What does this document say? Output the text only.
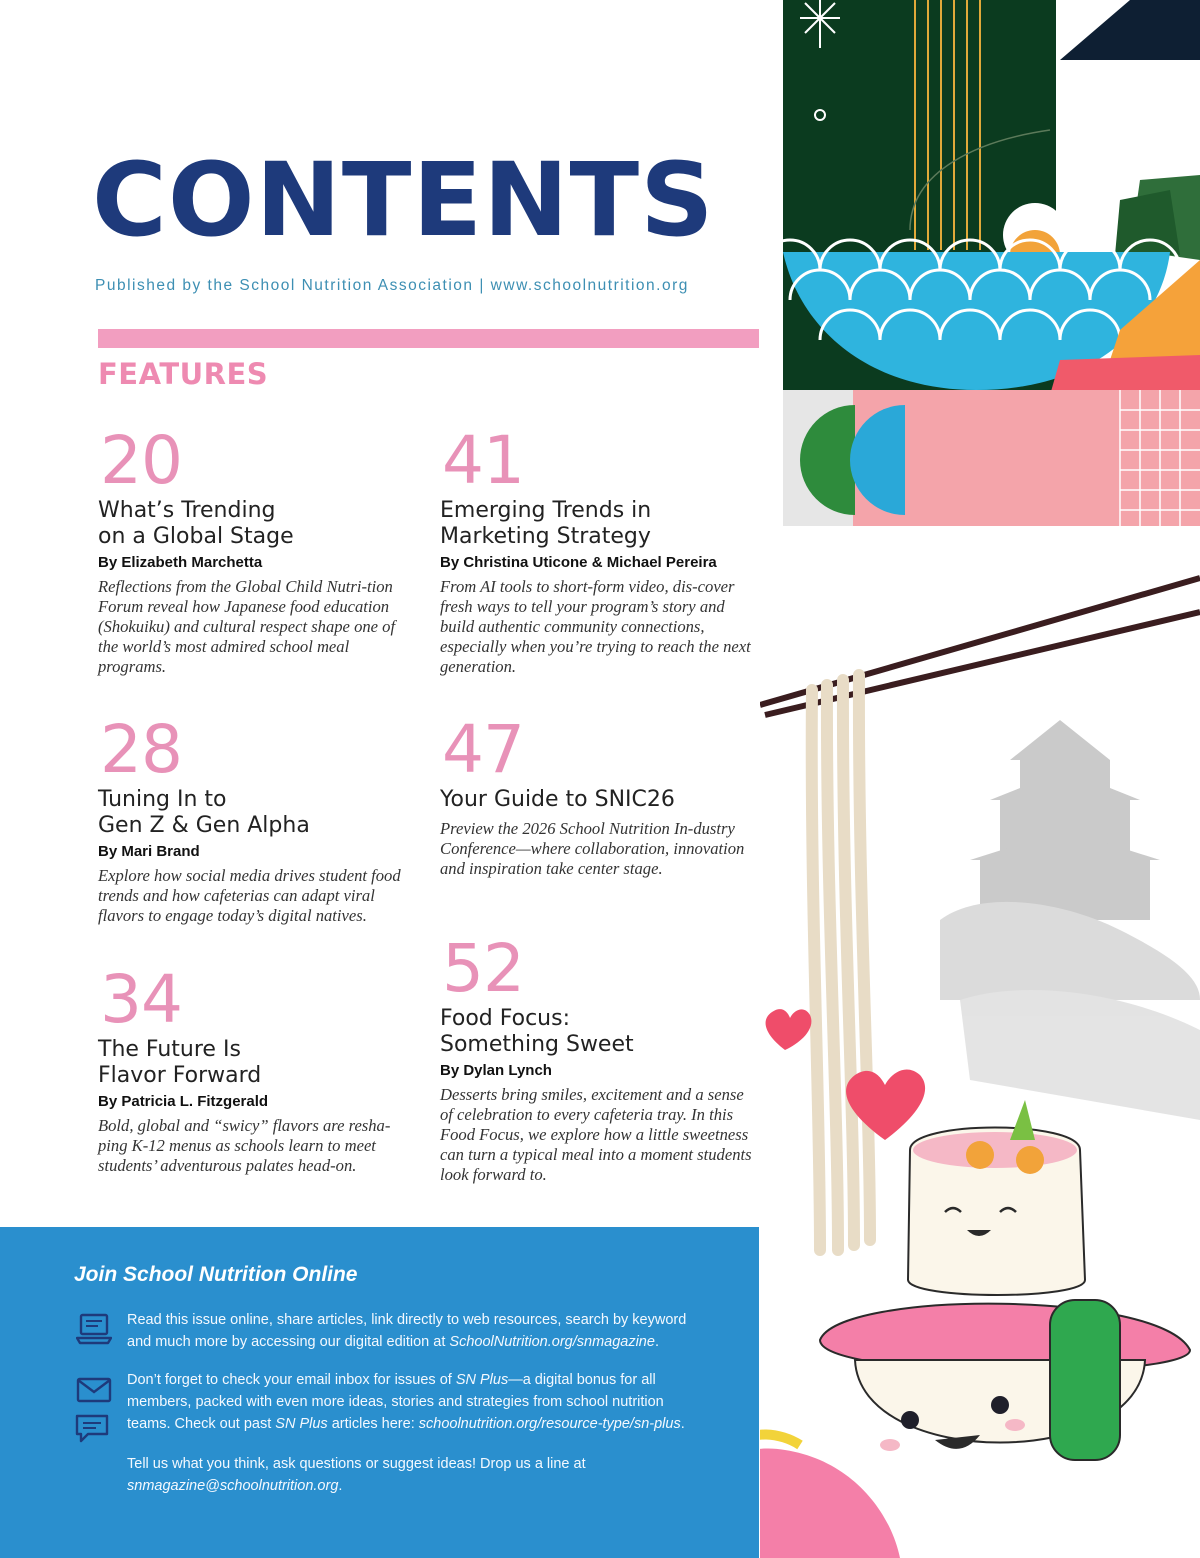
CONTENTS
Published by the School Nutrition Association | www.schoolnutrition.org
FEATURES
20
What’s Trending
on a Global Stage
By Elizabeth Marchetta
Reflections from the Global Child Nutri-tion Forum reveal how Japanese food education (Shokuiku) and cultural respect shape one of the world’s most admired school meal programs.
28
Tuning In to
Gen Z & Gen Alpha
By Mari Brand
Explore how social media drives student food trends and how cafeterias can adapt viral flavors to engage today’s digital natives.
34
The Future Is
Flavor Forward
By Patricia L. Fitzgerald
Bold, global and “swicy” flavors are resha-ping K-12 menus as schools learn to meet students’ adventurous palates head-on.
41
Emerging Trends in
Marketing Strategy
By Christina Uticone & Michael Pereira
From AI tools to short-form video, dis-cover fresh ways to tell your program’s story and build authentic community connections, especially when you’re trying to reach the next generation.
47
Your Guide to SNIC26
Preview the 2026 School Nutrition In-dustry Conference—where collaboration, innovation and inspiration take center stage.
52
Food Focus:
Something Sweet
By Dylan Lynch
Desserts bring smiles, excitement and a sense of celebration to every cafeteria tray. In this Food Focus, we explore how a little sweetness can turn a typical meal into a moment students look forward to.
Join School Nutrition Online
Read this issue online, share articles, link directly to web resources, search by keyword and much more by accessing our digital edition at SchoolNutrition.org/snmagazine.
Don’t forget to check your email inbox for issues of SN Plus—a digital bonus for all members, packed with even more ideas, stories and strategies from school nutrition teams. Check out past SN Plus articles here: schoolnutrition.org/resource-type/sn-plus.
Tell us what you think, ask questions or suggest ideas! Drop us a line at snmagazine@schoolnutrition.org.
